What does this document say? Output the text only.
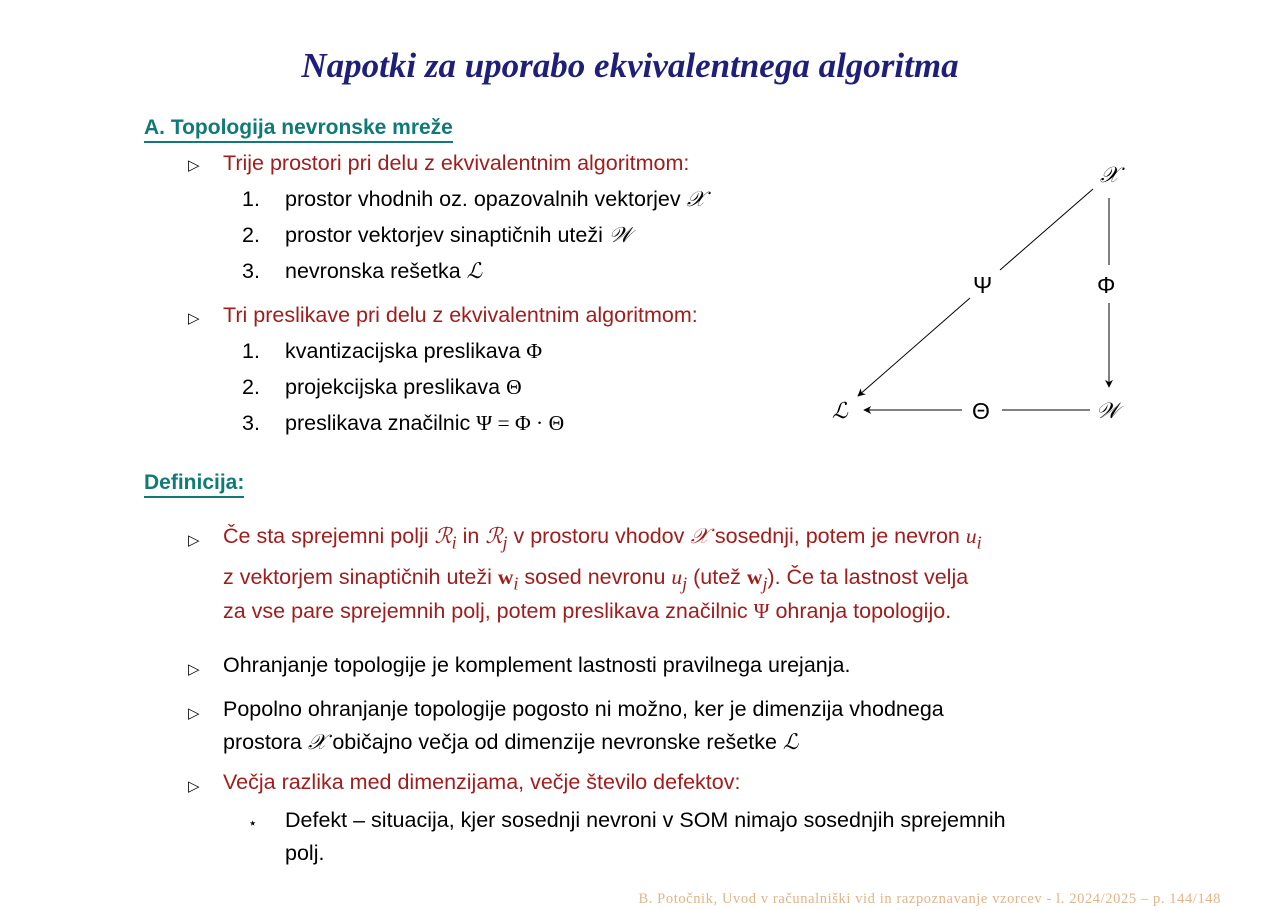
Napotki za uporabo ekvivalentnega algoritma
A. Topologija nevronske mreže
▷ Trije prostori pri delu z ekvivalentnim algoritmom:
1. prostor vhodnih oz. opazovalnih vektorjev 𝒳
2. prostor vektorjev sinaptičnih uteži 𝒲
3. nevronska rešetka ℒ
▷ Tri preslikave pri delu z ekvivalentnim algoritmom:
1. kvantizacijska preslikava Φ
2. projekcijska preslikava Θ
3. preslikava značilnic Ψ = Φ · Θ
𝒳
𝒲
ℒ
Ψ	Φ
Θ
Definicija:
▷ Če sta sprejemni polji ℛ$_i$ in ℛ$_j$ v prostoru vhodov 𝒳 sosednji, potem je nevron $u_i$
z vektorjem sinaptičnih uteži $w_i$ sosed nevronu $u_j$ (utež $w_j$). Če ta lastnost velja
za vse pare sprejemnih polj, potem preslikava značilnic Ψ ohranja topologijo.
▷ Ohranjanje topologije je komplement lastnosti pravilnega urejanja.
▷ Popolno ohranjanje topologije pogosto ni možno, ker je dimenzija vhodnega
prostora 𝒳 običajno večja od dimenzije nevronske rešetke ℒ
▷ Večja razlika med dimenzijama, večje število defektov:
⋆ Defekt – situacija, kjer sosednji nevroni v SOM nimajo sosednjih sprejemnih
polj.
B. Potočnik, Uvod v računalniški vid in razpoznavanje vzorcev - l. 2024/2025 – p. 144/148
